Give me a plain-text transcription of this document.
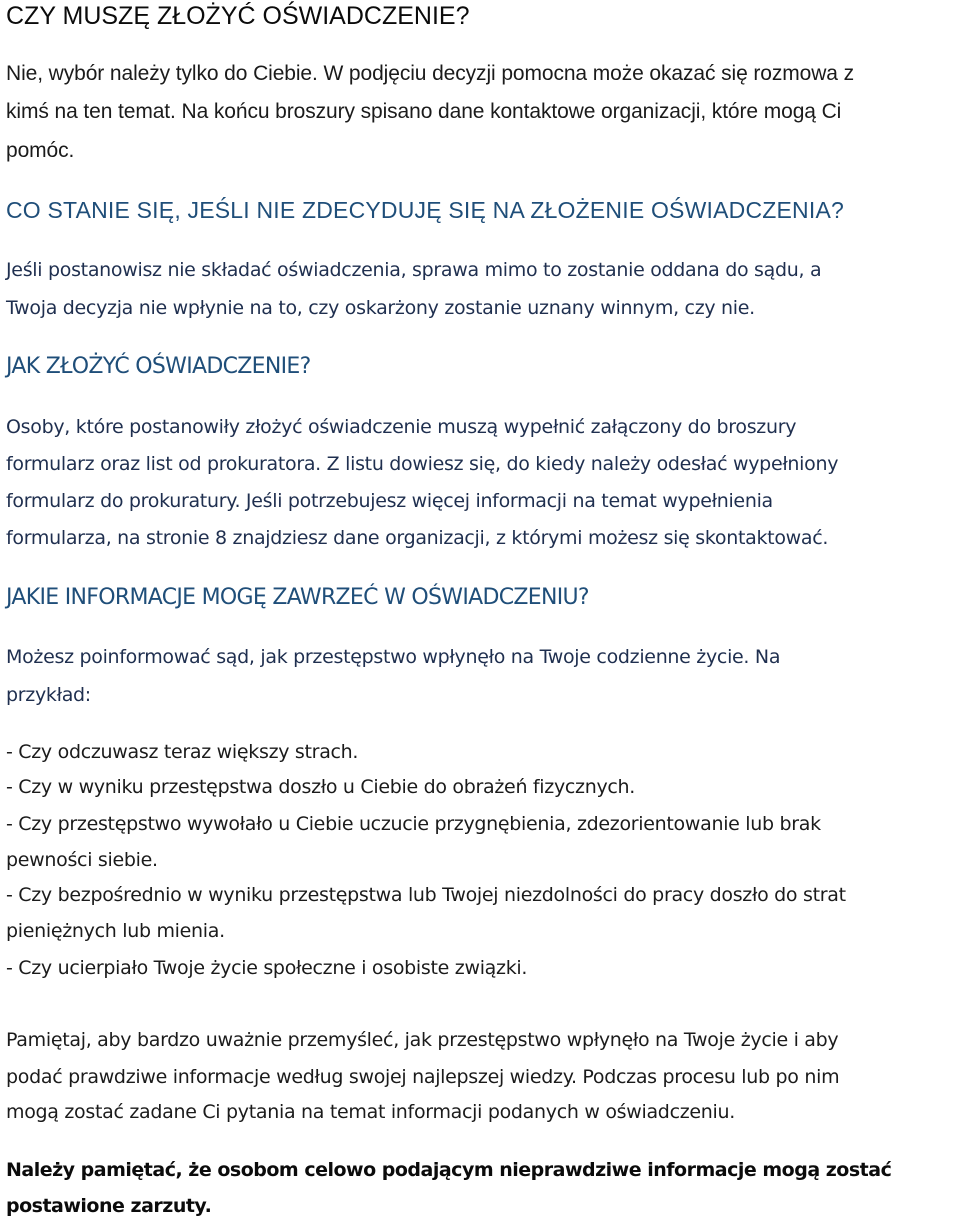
CZY MUSZĘ ZŁOŻYĆ OŚWIADCZENIE?
Nie, wybór należy tylko do Ciebie. W podjęciu decyzji pomocna może okazać się rozmowa z
kimś na ten temat. Na końcu broszury spisano dane kontaktowe organizacji, które mogą Ci
pomóc.
CO STANIE SIĘ, JEŚLI NIE ZDECYDUJĘ SIĘ NA ZŁOŻENIE OŚWIADCZENIA?
Jeśli postanowisz nie składać oświadczenia, sprawa mimo to zostanie oddana do sądu, a
Twoja decyzja nie wpłynie na to, czy oskarżony zostanie uznany winnym, czy nie.
JAK ZŁOŻYĆ OŚWIADCZENIE?
Osoby, które postanowiły złożyć oświadczenie muszą wypełnić załączony do broszury
formularz oraz list od prokuratora. Z listu dowiesz się, do kiedy należy odesłać wypełniony
formularz do prokuratury. Jeśli potrzebujesz więcej informacji na temat wypełnienia
formularza, na stronie 8 znajdziesz dane organizacji, z którymi możesz się skontaktować.
JAKIE INFORMACJE MOGĘ ZAWRZEĆ W OŚWIADCZENIU?
Możesz poinformować sąd, jak przestępstwo wpłynęło na Twoje codzienne życie. Na
przykład:
- Czy odczuwasz teraz większy strach.
- Czy w wyniku przestępstwa doszło u Ciebie do obrażeń fizycznych.
- Czy przestępstwo wywołało u Ciebie uczucie przygnębienia, zdezorientowanie lub brak
pewności siebie.
- Czy bezpośrednio w wyniku przestępstwa lub Twojej niezdolności do pracy doszło do strat
pieniężnych lub mienia.
- Czy ucierpiało Twoje życie społeczne i osobiste związki.
Pamiętaj, aby bardzo uważnie przemyśleć, jak przestępstwo wpłynęło na Twoje życie i aby
podać prawdziwe informacje według swojej najlepszej wiedzy. Podczas procesu lub po nim
mogą zostać zadane Ci pytania na temat informacji podanych w oświadczeniu.
Należy pamiętać, że osobom celowo podającym nieprawdziwe informacje mogą zostać
postawione zarzuty.
